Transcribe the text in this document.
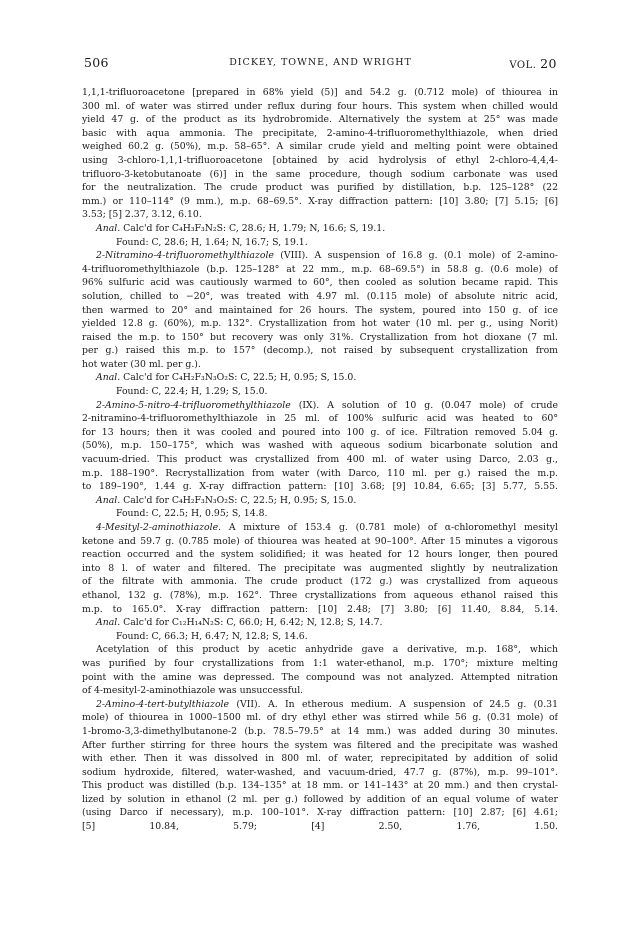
506	DICKEY, TOWNE, AND WRIGHT	VOL. 20
1,1,1-trifluoroacetone [prepared in 68% yield (5)] and 54.2 g. (0.712 mole) of thiourea in
300 ml. of water was stirred under reflux during four hours. This system when chilled would
yield 47 g. of the product as its hydrobromide. Alternatively the system at 25° was made
basic with aqua ammonia. The precipitate, 2-amino-4-trifluoromethylthiazole, when dried
weighed 60.2 g. (50%), m.p. 58–65°. A similar crude yield and melting point were obtained
using 3-chloro-1,1,1-trifluoroacetone [obtained by acid hydrolysis of ethyl 2-chloro-4,4,4-
trifluoro-3-ketobutanoate (6)] in the same procedure, though sodium carbonate was used
for the neutralization. The crude product was purified by distillation, b.p. 125–128° (22
mm.) or 110–114° (9 mm.), m.p. 68–69.5°. X-ray diffraction pattern: [10] 3.80; [7] 5.15; [6]
3.53; [5] 2.37, 3.12, 6.10.
Anal. Calc'd for C₄H₃F₃N₂S: C, 28.6; H, 1.79; N, 16.6; S, 19.1.
Found: C, 28.6; H, 1.64; N, 16.7; S, 19.1.
2-Nitramino-4-trifluoromethylthiazole (VIII). A suspension of 16.8 g. (0.1 mole) of 2-amino-
4-trifluoromethylthiazole (b.p. 125–128° at 22 mm., m.p. 68–69.5°) in 58.8 g. (0.6 mole) of
96% sulfuric acid was cautiously warmed to 60°, then cooled as solution became rapid. This
solution, chilled to −20°, was treated with 4.97 ml. (0.115 mole) of absolute nitric acid,
then warmed to 20° and maintained for 26 hours. The system, poured into 150 g. of ice
yielded 12.8 g. (60%), m.p. 132°. Crystallization from hot water (10 ml. per g., using Norit)
raised the m.p. to 150° but recovery was only 31%. Crystallization from hot dioxane (7 ml.
per g.) raised this m.p. to 157° (decomp.), not raised by subsequent crystallization from
hot water (30 ml. per g.).
Anal. Calc'd for C₄H₂F₃N₃O₂S: C, 22.5; H, 0.95; S, 15.0.
Found: C, 22.4; H, 1.29; S, 15.0.
2-Amino-5-nitro-4-trifluoromethylthiazole (IX). A solution of 10 g. (0.047 mole) of crude
2-nitramino-4-trifluoromethylthiazole in 25 ml. of 100% sulfuric acid was heated to 60°
for 13 hours; then it was cooled and poured into 100 g. of ice. Filtration removed 5.04 g.
(50%), m.p. 150–175°, which was washed with aqueous sodium bicarbonate solution and
vacuum-dried. This product was crystallized from 400 ml. of water using Darco, 2.03 g.,
m.p. 188–190°. Recrystallization from water (with Darco, 110 ml. per g.) raised the m.p.
to 189–190°, 1.44 g. X-ray diffraction pattern: [10] 3.68; [9] 10.84, 6.65; [3] 5.77, 5.55.
Anal. Calc'd for C₄H₂F₃N₃O₂S: C, 22.5; H, 0.95; S, 15.0.
Found: C, 22.5; H, 0.95; S, 14.8.
4-Mesityl-2-aminothiazole. A mixture of 153.4 g. (0.781 mole) of α-chloromethyl mesityl
ketone and 59.7 g. (0.785 mole) of thiourea was heated at 90–100°. After 15 minutes a vigorous
reaction occurred and the system solidified; it was heated for 12 hours longer, then poured
into 8 l. of water and filtered. The precipitate was augmented slightly by neutralization
of the filtrate with ammonia. The crude product (172 g.) was crystallized from aqueous
ethanol, 132 g. (78%), m.p. 162°. Three crystallizations from aqueous ethanol raised this
m.p. to 165.0°. X-ray diffraction pattern: [10] 2.48; [7] 3.80; [6] 11.40, 8.84, 5.14.
Anal. Calc'd for C₁₂H₁₄N₂S: C, 66.0; H, 6.42; N, 12.8; S, 14.7.
Found: C, 66.3; H, 6.47; N, 12.8; S, 14.6.
Acetylation of this product by acetic anhydride gave a derivative, m.p. 168°, which
was purified by four crystallizations from 1:1 water-ethanol, m.p. 170°; mixture melting
point with the amine was depressed. The compound was not analyzed. Attempted nitration
of 4-mesityl-2-aminothiazole was unsuccessful.
2-Amino-4-tert-butylthiazole (VII). A. In etherous medium. A suspension of 24.5 g. (0.31
mole) of thiourea in 1000–1500 ml. of dry ethyl ether was stirred while 56 g. (0.31 mole) of
1-bromo-3,3-dimethylbutanone-2 (b.p. 78.5–79.5° at 14 mm.) was added during 30 minutes.
After further stirring for three hours the system was filtered and the precipitate was washed
with ether. Then it was dissolved in 800 ml. of water, reprecipitated by addition of solid
sodium hydroxide, filtered, water-washed, and vacuum-dried, 47.7 g. (87%), m.p. 99–101°.
This product was distilled (b.p. 134–135° at 18 mm. or 141–143° at 20 mm.) and then crystal-
lized by solution in ethanol (2 ml. per g.) followed by addition of an equal volume of water
(using Darco if necessary), m.p. 100–101°. X-ray diffraction pattern: [10] 2.87; [6] 4.61;
[5] 10.84, 5.79; [4] 2.50, 1.76, 1.50.
